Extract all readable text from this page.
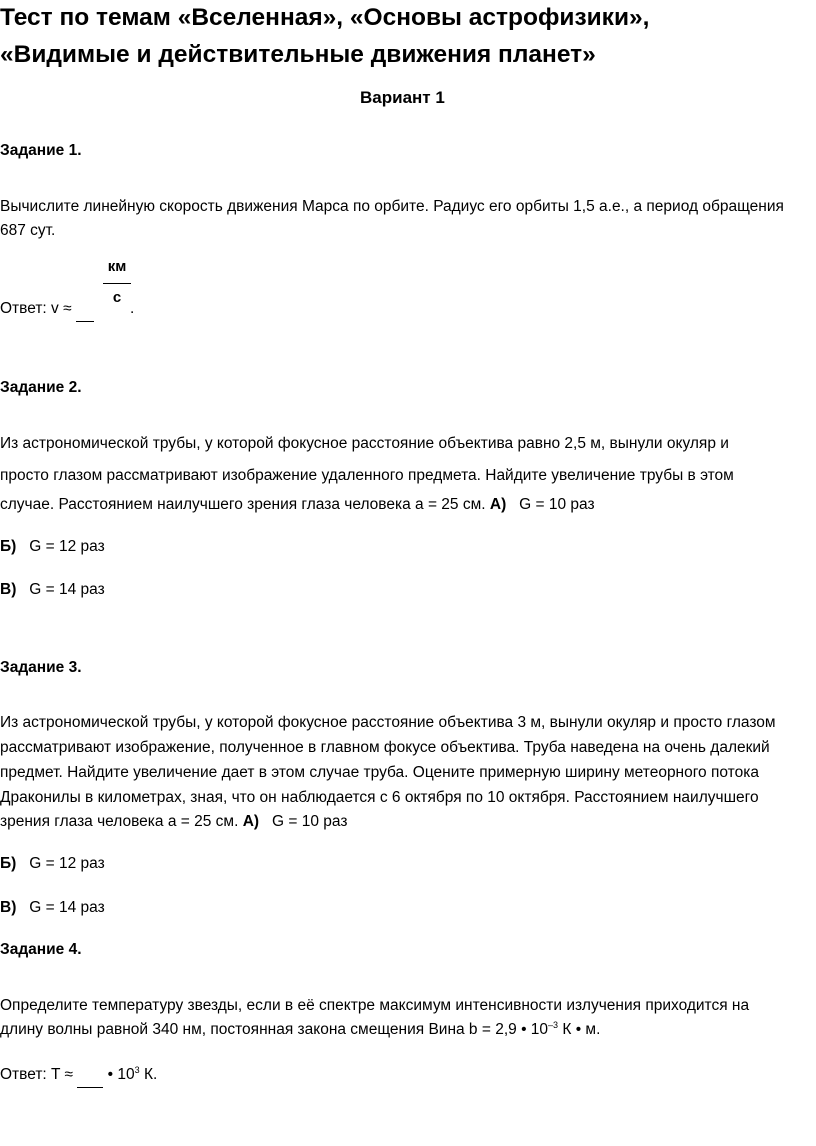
Тест по темам «Вселенная», «Основы астрофизики»,
«Видимые и действительные движения планет»
Вариант 1
Задание 1.
Вычислите линейную скорость движения Марса по орбите. Радиус его орбиты 1,5 а.е., а период обращения
687 сут.
Ответ: v ≈
км
с
.
Задание 2.
Из астрономической трубы, у которой фокусное расстояние объектива равно 2,5 м, вынули окуляр и
просто глазом рассматривают изображение удаленного предмета. Найдите увеличение трубы в этом
случае. Расстоянием наилучшего зрения глаза человека а = 25 см. А) G = 10 раз
Б) G = 12 раз
В) G = 14 раз
Задание 3.
Из астрономической трубы, у которой фокусное расстояние объектива 3 м, вынули окуляр и просто глазом
рассматривают изображение, полученное в главном фокусе объектива. Труба наведена на очень далекий
предмет. Найдите увеличение дает в этом случае труба. Оцените примерную ширину метеорного потока
Драконилы в километрах, зная, что он наблюдается с 6 октября по 10 октября. Расстоянием наилучшего
зрения глаза человека а = 25 см. А) G = 10 раз
Б) G = 12 раз
В) G = 14 раз
Задание 4.
Определите температуру звезды, если в её спектре максимум интенсивности излучения приходится на
длину волны равной 340 нм, постоянная закона смещения Вина b = 2,9 • $10^{-3}$ К • м.
Ответ: T ≈   • $10^3$ К.
